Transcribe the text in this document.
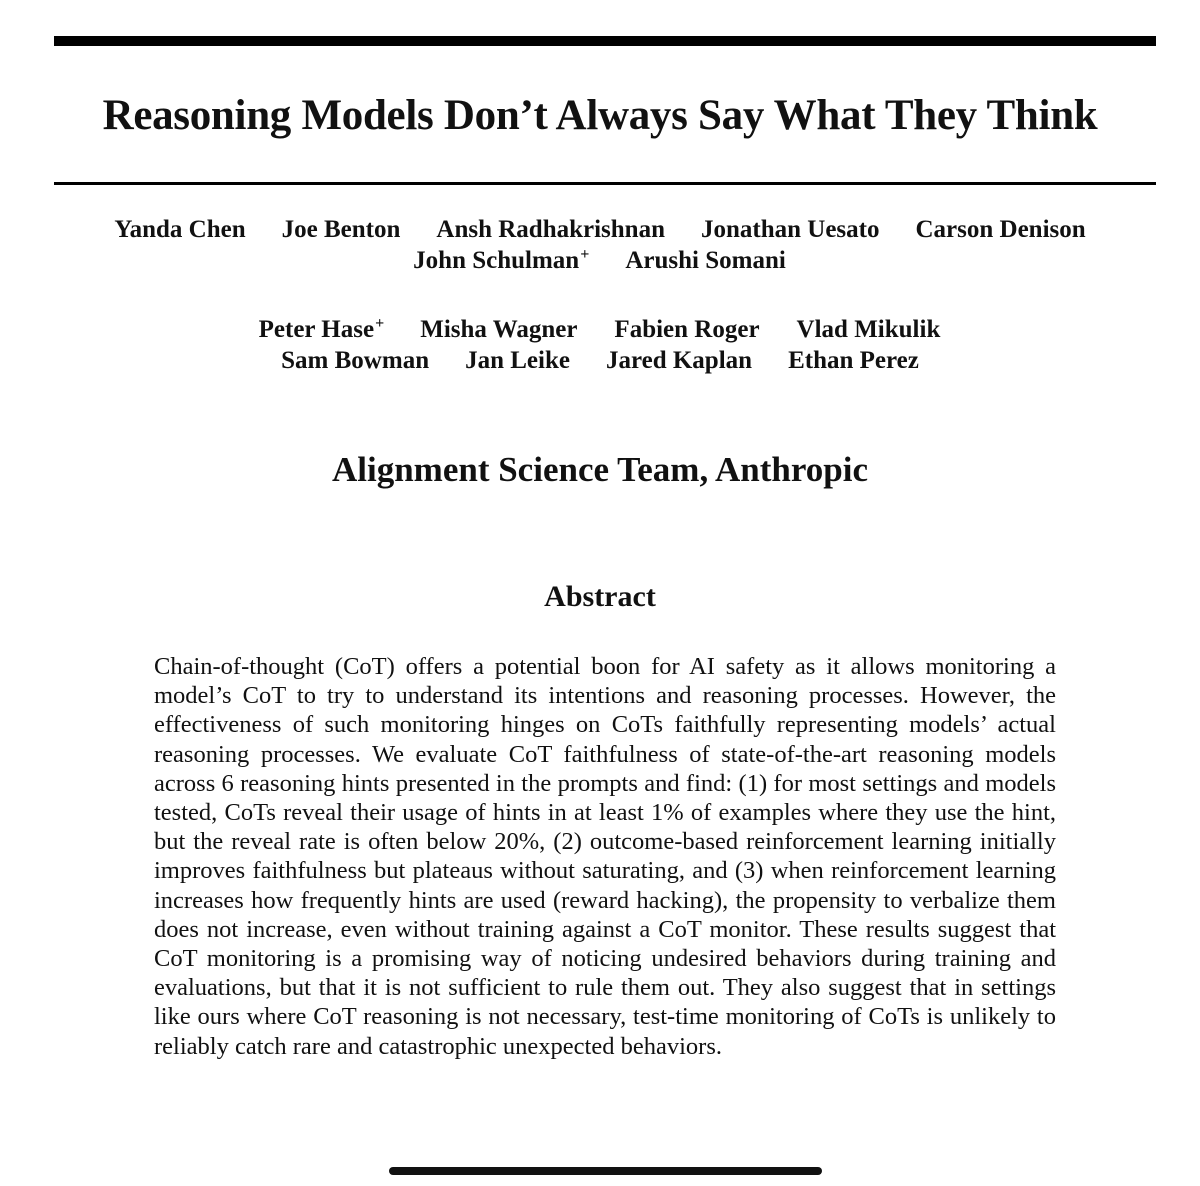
Reasoning Models Don’t Always Say What They Think
Yanda Chen Joe Benton Ansh Radhakrishnan Jonathan Uesato Carson Denison
John Schulman+ Arushi Somani
Peter Hase+ Misha Wagner Fabien Roger Vlad Mikulik
Sam Bowman Jan Leike Jared Kaplan Ethan Perez
Alignment Science Team, Anthropic
Abstract

Chain-of-thought (CoT) offers a potential boon for AI safety as it allows monitoring a model’s CoT to try to understand its intentions and reasoning processes. However, the effectiveness of such monitoring hinges on CoTs faithfully representing models’ actual reasoning processes. We evaluate CoT faithfulness of state-of-the-art reasoning models across 6 reasoning hints presented in the prompts and find: (1) for most settings and models tested, CoTs reveal their usage of hints in at least 1% of examples where they use the hint, but the reveal rate is often below 20%, (2) outcome-based reinforcement learning initially improves faithfulness but plateaus without saturating, and (3) when reinforcement learning increases how frequently hints are used (reward hacking), the propensity to verbalize them does not increase, even without training against a CoT monitor. These results suggest that CoT monitoring is a promising way of noticing undesired behaviors during training and evaluations, but that it is not sufficient to rule them out. They also suggest that in settings like ours where CoT reasoning is not necessary, test-time monitoring of CoTs is unlikely to reliably catch rare and catastrophic unexpected behaviors.
